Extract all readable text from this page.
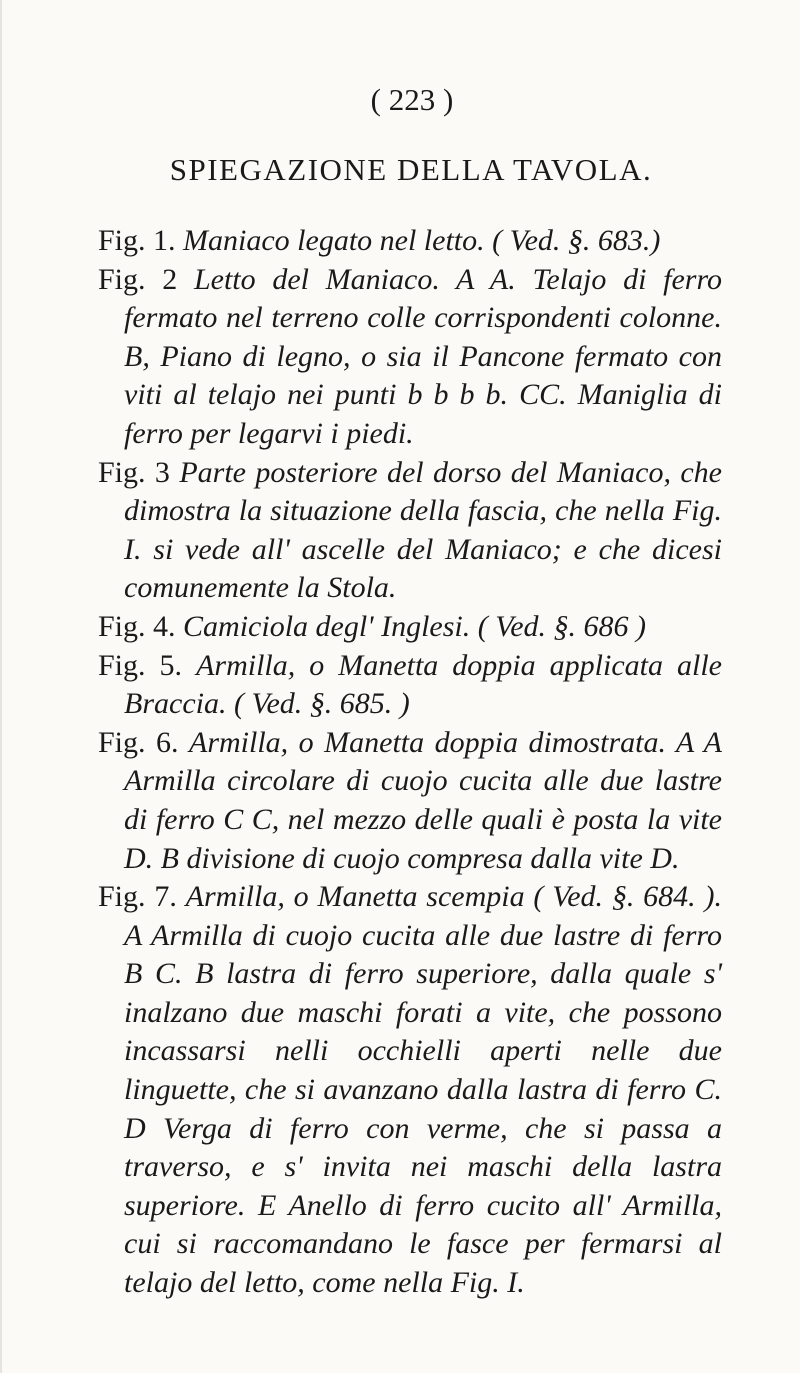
( 223 )
SPIEGAZIONE DELLA TAVOLA.

Fig. 1. Maniaco legato nel letto. ( Ved. §. 683.)

Fig. 2 Letto del Maniaco. A A. Telajo di ferro fermato nel terreno colle corrispondenti colonne. B, Piano di legno, o sia il Pancone fermato con viti al telajo nei punti b b b b. CC. Maniglia di ferro per legarvi i piedi.

Fig. 3 Parte posteriore del dorso del Maniaco, che dimostra la situazione della fascia, che nella Fig. I. si vede all' ascelle del Maniaco; e che dicesi comunemente la Stola.

Fig. 4. Camiciola degl' Inglesi. ( Ved. §. 686 )

Fig. 5. Armilla, o Manetta doppia applicata alle Braccia. ( Ved. §. 685. )

Fig. 6. Armilla, o Manetta doppia dimostrata. A A Armilla circolare di cuojo cucita alle due lastre di ferro C C, nel mezzo delle quali è posta la vite D. B divisione di cuojo compresa dalla vite D.

Fig. 7. Armilla, o Manetta scempia ( Ved. §. 684. ). A Armilla di cuojo cucita alle due lastre di ferro B C. B lastra di ferro superiore, dalla quale s' inalzano due maschi forati a vite, che possono incassarsi nelli occhielli aperti nelle due linguette, che si avanzano dalla lastra di ferro C. D Verga di ferro con verme, che si passa a traverso, e s' invita nei maschi della lastra superiore. E Anello di ferro cucito all' Armilla, cui si raccomandano le fasce per fermarsi al telajo del letto, come nella Fig. I.
